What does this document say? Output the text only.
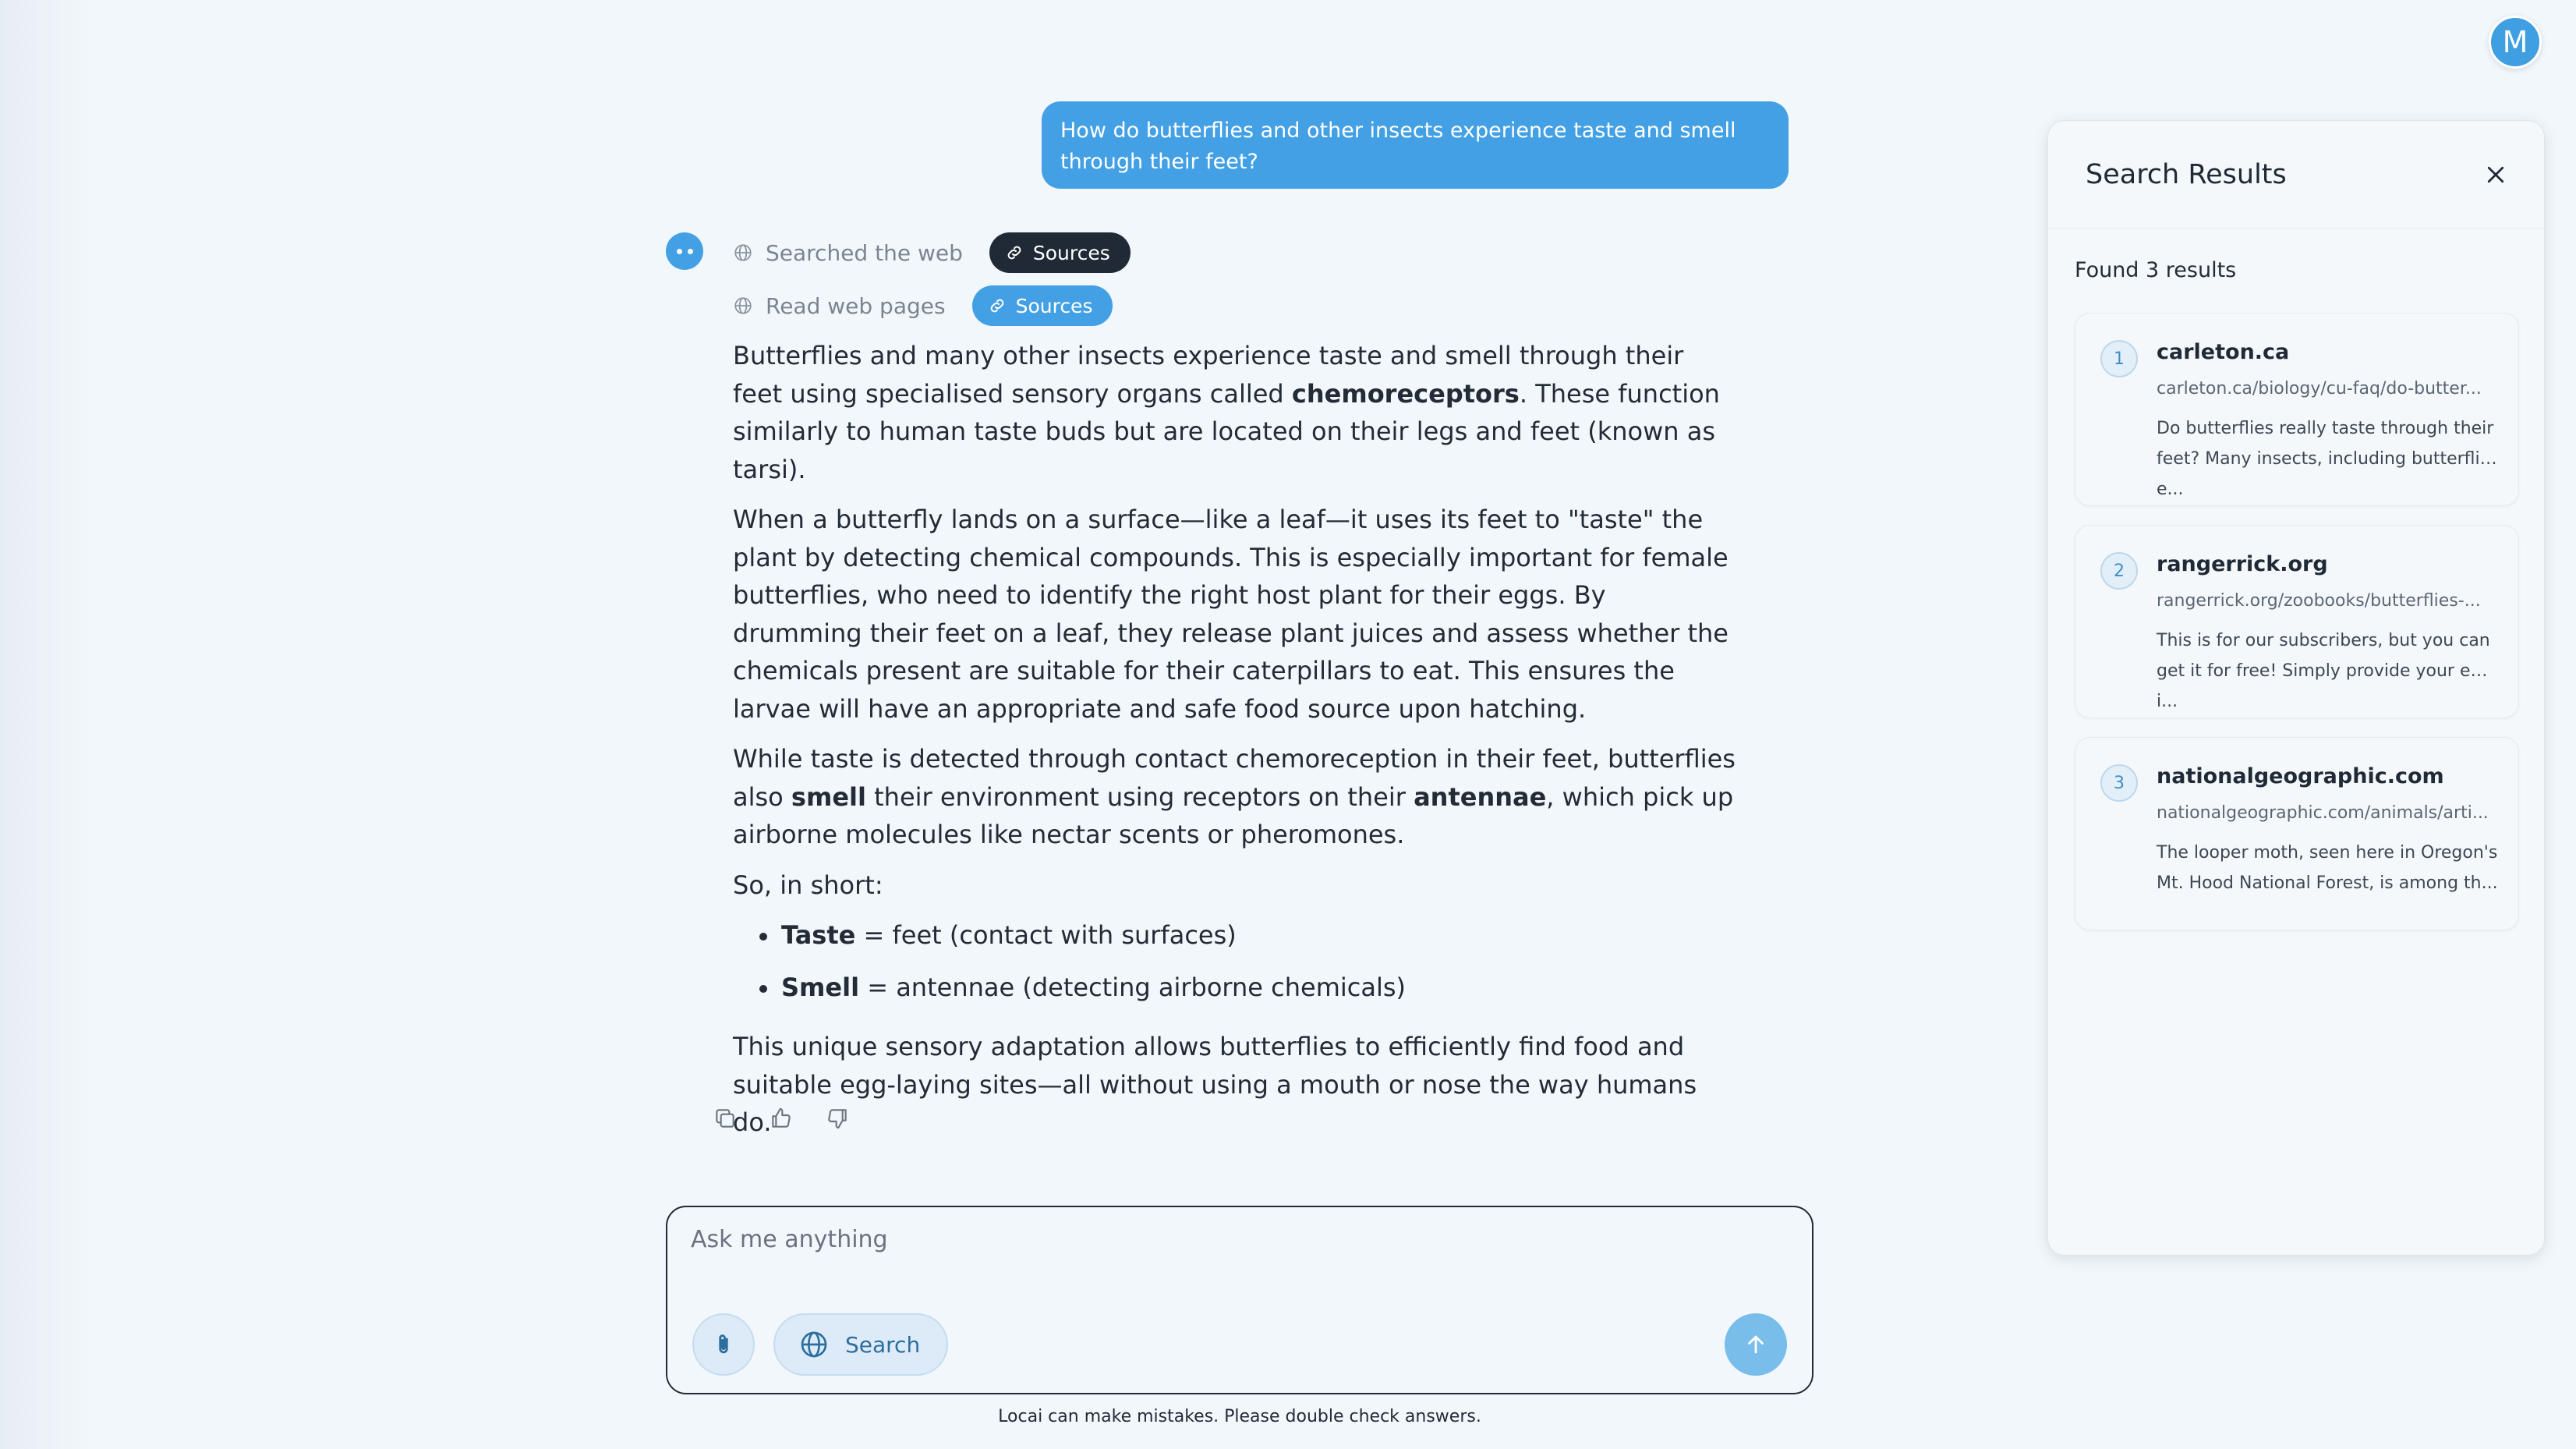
M
How do butterflies and other insects experience taste and smell through their feet?
Searched the web	Sources
Read web pages	Sources

Butterflies and many other insects experience taste and smell through their feet using specialised sensory organs called chemoreceptors. These function similarly to human taste buds but are located on their legs and feet (known as tarsi).

When a butterfly lands on a surface—like a leaf—it uses its feet to "taste" the plant by detecting chemical compounds. This is especially important for female butterflies, who need to identify the right host plant for their eggs. By drumming their feet on a leaf, they release plant juices and assess whether the chemicals present are suitable for their caterpillars to eat. This ensures the larvae will have an appropriate and safe food source upon hatching.

While taste is detected through contact chemoreception in their feet, butterflies also smell their environment using receptors on their antennae, which pick up airborne molecules like nectar scents or pheromones.

So, in short:

Taste = feet (contact with surfaces)
Smell = antennae (detecting airborne chemicals)

This unique sensory adaptation allows butterflies to efficiently find food and suitable egg-laying sites—all without using a mouth or nose the way humans do.

Ask me anything
Search
Locai can make mistakes. Please double check answers.
Search Results
Found 3 results
1	carleton.ca
carleton.ca/biology/cu-faq/do-butter...
Do butterflies really taste through their feet? Many insects, including butterflie...
2	rangerrick.org
rangerrick.org/zoobooks/butterflies-...
This is for our subscribers, but you can get it for free! Simply provide your emai...
3	nationalgeographic.com
nationalgeographic.com/animals/arti...
The looper moth, seen here in Oregon's Mt. Hood National Forest, is among th...
